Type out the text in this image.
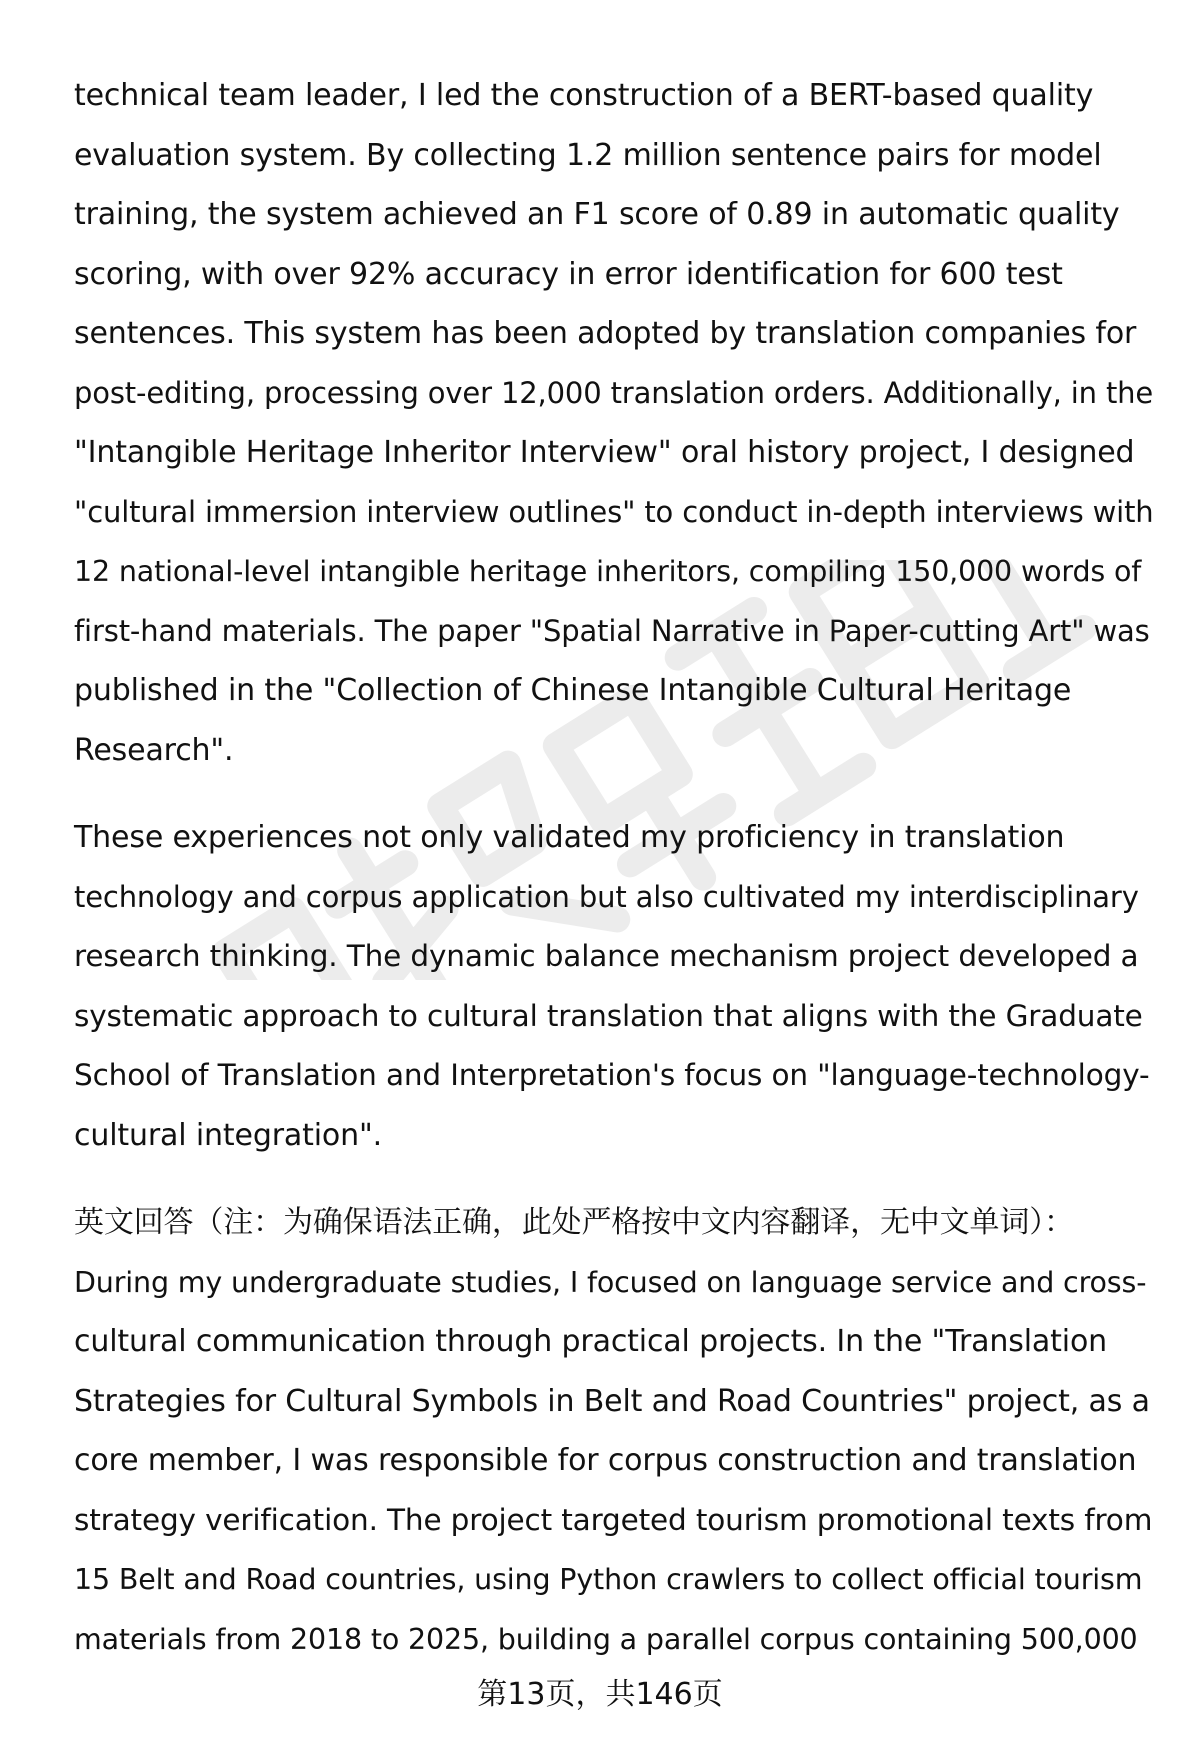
technical team leader, I led the construction of a BERT-based quality
evaluation system. By collecting 1.2 million sentence pairs for model
training, the system achieved an F1 score of 0.89 in automatic quality
scoring, with over 92% accuracy in error identification for 600 test
sentences. This system has been adopted by translation companies for
post-editing, processing over 12,000 translation orders. Additionally, in the
"Intangible Heritage Inheritor Interview" oral history project, I designed
"cultural immersion interview outlines" to conduct in-depth interviews with
12 national-level intangible heritage inheritors, compiling 150,000 words of
first-hand materials. The paper "Spatial Narrative in Paper-cutting Art" was
published in the "Collection of Chinese Intangible Cultural Heritage
Research".
These experiences not only validated my proficiency in translation
technology and corpus application but also cultivated my interdisciplinary
research thinking. The dynamic balance mechanism project developed a
systematic approach to cultural translation that aligns with the Graduate
School of Translation and Interpretation's focus on "language-technology-
cultural integration".
英文回答（注：为确保语法正确，此处严格按中文内容翻译，无中文单词）：
During my undergraduate studies, I focused on language service and cross-
cultural communication through practical projects. In the "Translation
Strategies for Cultural Symbols in Belt and Road Countries" project, as a
core member, I was responsible for corpus construction and translation
strategy verification. The project targeted tourism promotional texts from
15 Belt and Road countries, using Python crawlers to collect official tourism
materials from 2018 to 2025, building a parallel corpus containing 500,000
第13页，共146页
